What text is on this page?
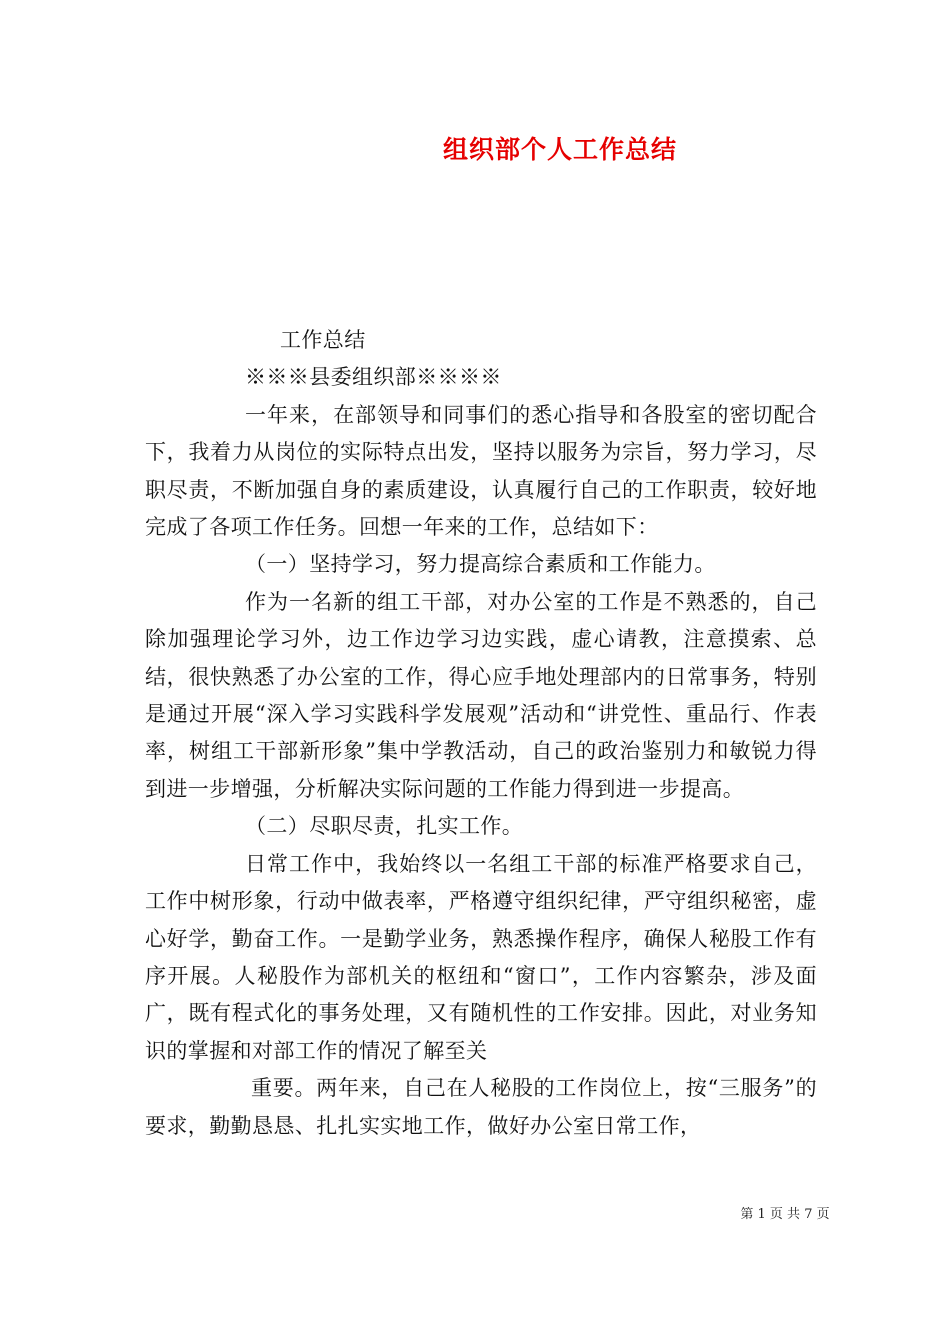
组织部个人工作总结

工作总结

※※※县委组织部※※※※

一年来，在部领导和同事们的悉心指导和各股室的密切配合下，我着力从岗位的实际特点出发，坚持以服务为宗旨，努力学习，尽职尽责，不断加强自身的素质建设，认真履行自己的工作职责，较好地完成了各项工作任务。回想一年来的工作，总结如下：

（一）坚持学习，努力提高综合素质和工作能力。

作为一名新的组工干部，对办公室的工作是不熟悉的，自己除加强理论学习外，边工作边学习边实践，虚心请教，注意摸索、总结，很快熟悉了办公室的工作，得心应手地处理部内的日常事务，特别是通过开展“深入学习实践科学发展观”活动和“讲党性、重品行、作表率，树组工干部新形象”集中学教活动，自己的政治鉴别力和敏锐力得到进一步增强，分析解决实际问题的工作能力得到进一步提高。

（二）尽职尽责，扎实工作。

日常工作中，我始终以一名组工干部的标准严格要求自己，工作中树形象，行动中做表率，严格遵守组织纪律，严守组织秘密，虚心好学，勤奋工作。一是勤学业务，熟悉操作程序，确保人秘股工作有序开展。人秘股作为部机关的枢纽和“窗口”，工作内容繁杂，涉及面广，既有程式化的事务处理，又有随机性的工作安排。因此，对业务知识的掌握和对部工作的情况了解至关

重要。两年来，自己在人秘股的工作岗位上，按“三服务”的要求，勤勤恳恳、扎扎实实地工作，做好办公室日常工作，

第 1 页 共 7 页
